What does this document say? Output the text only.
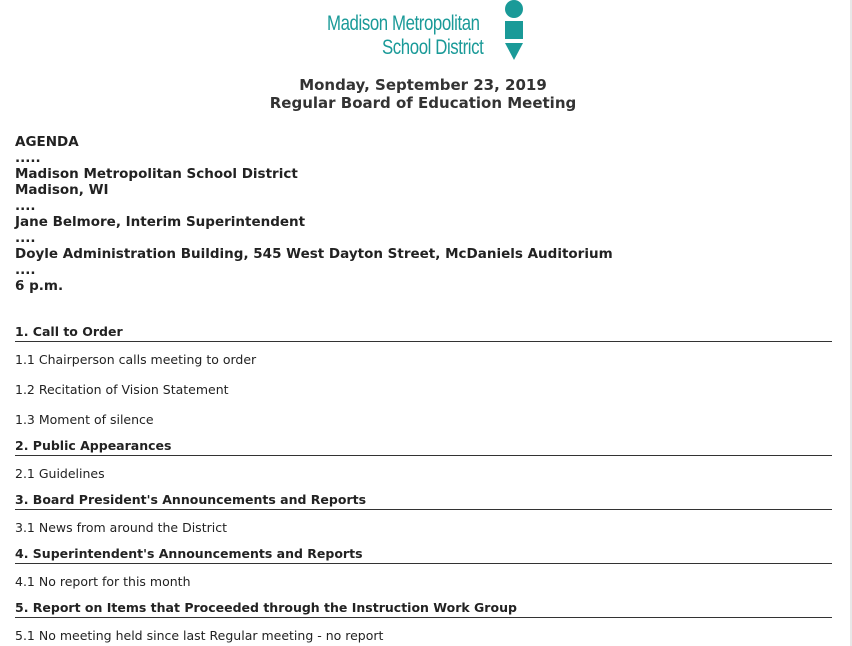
Madison Metropolitan
School District
Monday, September 23, 2019
Regular Board of Education Meeting
AGENDA
.....
Madison Metropolitan School District
Madison, WI
....
Jane Belmore, Interim Superintendent
....
Doyle Administration Building, 545 West Dayton Street, McDaniels Auditorium
....
6 p.m.
1. Call to Order
1.1 Chairperson calls meeting to order
1.2 Recitation of Vision Statement
1.3 Moment of silence
2. Public Appearances
2.1 Guidelines
3. Board President's Announcements and Reports
3.1 News from around the District
4. Superintendent's Announcements and Reports
4.1 No report for this month
5. Report on Items that Proceeded through the Instruction Work Group
5.1 No meeting held since last Regular meeting - no report
